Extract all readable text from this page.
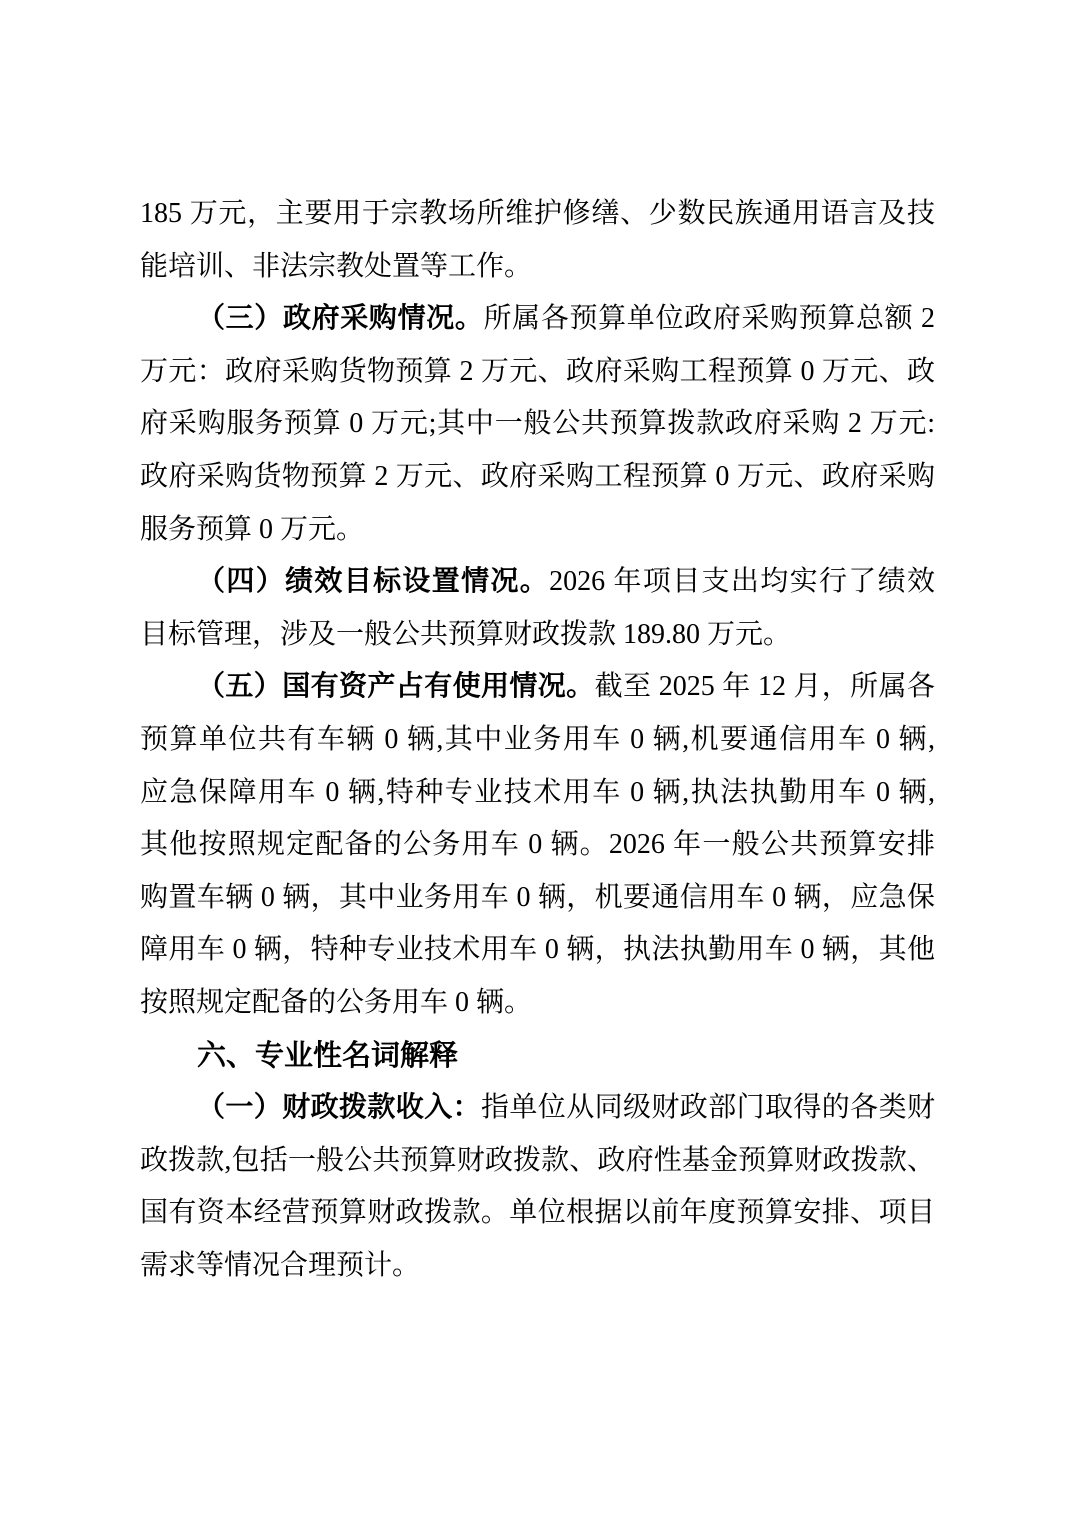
185 万元，主要用于宗教场所维护修缮、少数民族通用语言及技
能培训、非法宗教处置等工作。
（三）政府采购情况。所属各预算单位政府采购预算总额 2
万元：政府采购货物预算 2 万元、政府采购工程预算 0 万元、政
府采购服务预算 0 万元;其中一般公共预算拨款政府采购 2 万元:
政府采购货物预算 2 万元、政府采购工程预算 0 万元、政府采购
服务预算 0 万元。
（四）绩效目标设置情况。2026 年项目支出均实行了绩效
目标管理，涉及一般公共预算财政拨款 189.80 万元。
（五）国有资产占有使用情况。截至 2025 年 12 月，所属各
预算单位共有车辆 0 辆,其中业务用车 0 辆,机要通信用车 0 辆,
应急保障用车 0 辆,特种专业技术用车 0 辆,执法执勤用车 0 辆,
其他按照规定配备的公务用车 0 辆。2026 年一般公共预算安排
购置车辆 0 辆，其中业务用车 0 辆，机要通信用车 0 辆，应急保
障用车 0 辆，特种专业技术用车 0 辆，执法执勤用车 0 辆，其他
按照规定配备的公务用车 0 辆。
六、专业性名词解释
（一）财政拨款收入：指单位从同级财政部门取得的各类财
政拨款,包括一般公共预算财政拨款、政府性基金预算财政拨款、
国有资本经营预算财政拨款。单位根据以前年度预算安排、项目
需求等情况合理预计。
